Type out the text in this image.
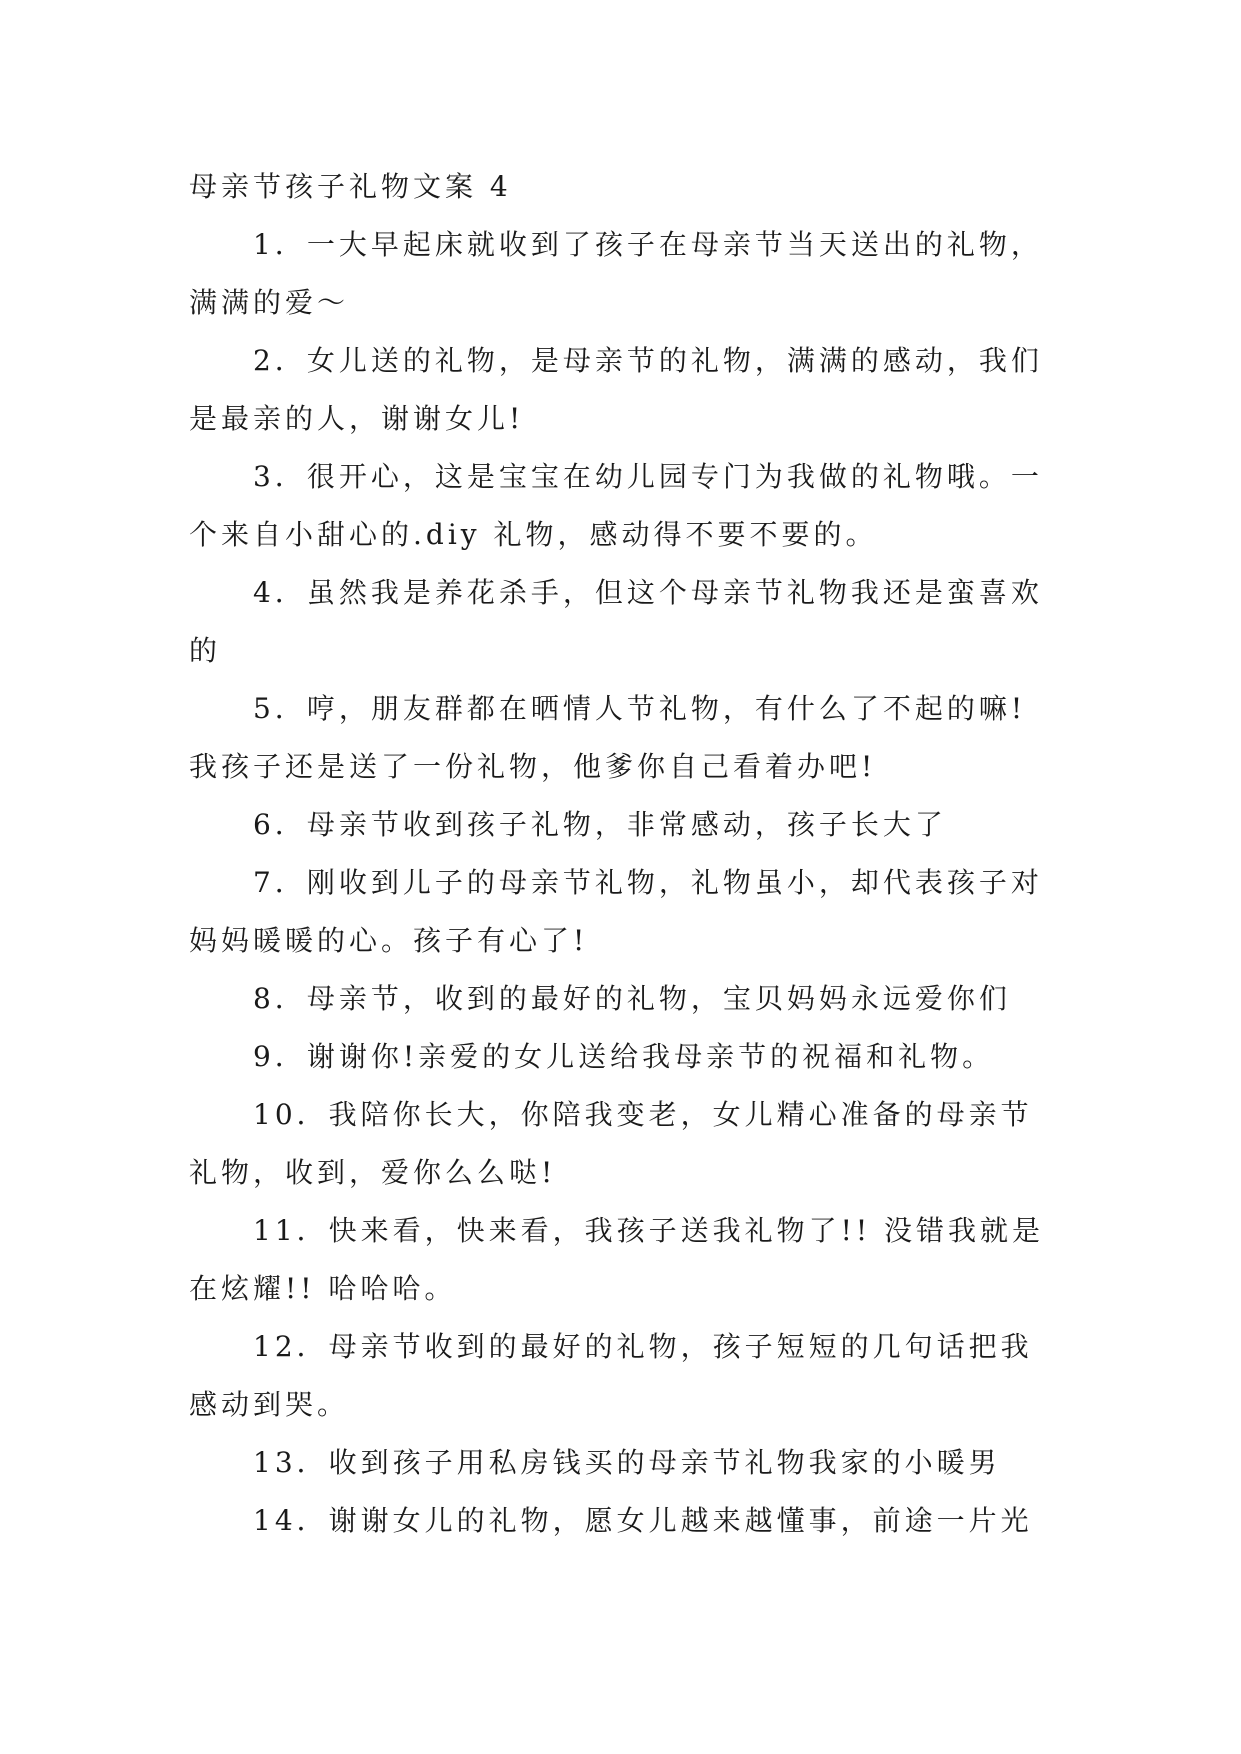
母亲节孩子礼物文案 4

1．一大早起床就收到了孩子在母亲节当天送出的礼物，满满的爱～

2．女儿送的礼物，是母亲节的礼物，满满的感动，我们是最亲的人，谢谢女儿!

3．很开心，这是宝宝在幼儿园专门为我做的礼物哦。一个来自小甜心的.diy 礼物，感动得不要不要的。

4．虽然我是养花杀手，但这个母亲节礼物我还是蛮喜欢的

5．哼，朋友群都在晒情人节礼物，有什么了不起的嘛!我孩子还是送了一份礼物，他爹你自己看着办吧!

6．母亲节收到孩子礼物，非常感动，孩子长大了

7．刚收到儿子的母亲节礼物，礼物虽小，却代表孩子对妈妈暖暖的心。孩子有心了!

8．母亲节，收到的最好的礼物，宝贝妈妈永远爱你们

9．谢谢你!亲爱的女儿送给我母亲节的祝福和礼物。

10．我陪你长大，你陪我变老，女儿精心准备的母亲节礼物，收到，爱你么么哒!

11．快来看，快来看，我孩子送我礼物了!! 没错我就是在炫耀!! 哈哈哈。

12．母亲节收到的最好的礼物，孩子短短的几句话把我感动到哭。

13．收到孩子用私房钱买的母亲节礼物我家的小暖男

14．谢谢女儿的礼物，愿女儿越来越懂事，前途一片光
